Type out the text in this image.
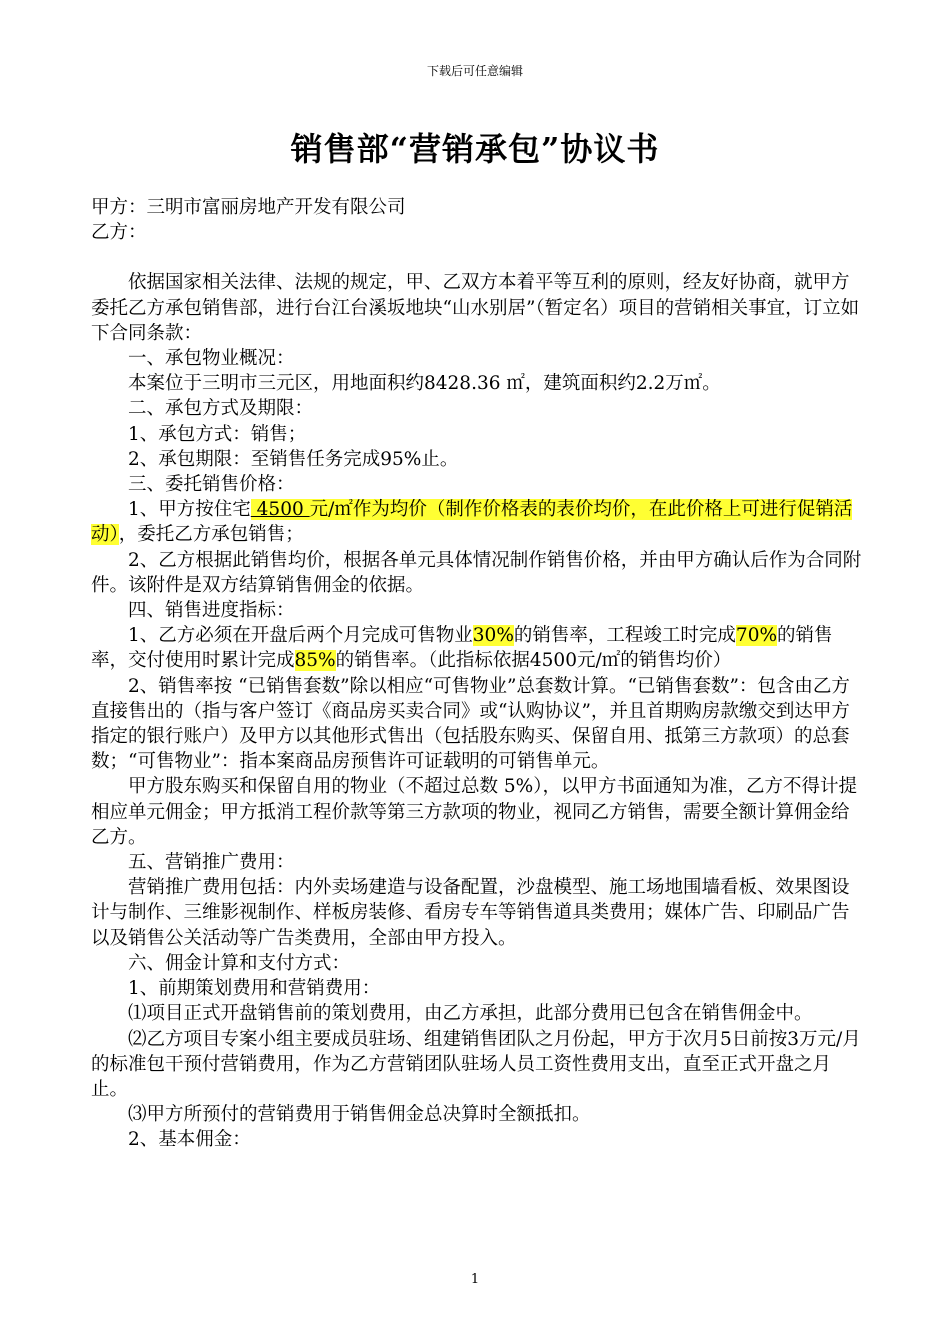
下载后可任意编辑
销售部“营销承包”协议书

甲方：三明市富丽房地产开发有限公司

乙方：

依据国家相关法律、法规的规定，甲、乙双方本着平等互利的原则，经友好协商，就甲方委托乙方承包销售部，进行台江台溪坂地块“山水别居”（暂定名）项目的营销相关事宜，订立如下合同条款：

一、承包物业概况：

本案位于三明市三元区，用地面积约8428.36 ㎡，建筑面积约2.2万㎡。

二、承包方式及期限：

1、承包方式：销售；

2、承包期限：至销售任务完成95%止。

三、委托销售价格：

1、甲方按住宅 4500 元/㎡作为均价（制作价格表的表价均价，在此价格上可进行促销活动），委托乙方承包销售；

2、乙方根据此销售均价，根据各单元具体情况制作销售价格，并由甲方确认后作为合同附件。该附件是双方结算销售佣金的依据。

四、销售进度指标：

1、乙方必须在开盘后两个月完成可售物业30%的销售率，工程竣工时完成70%的销售率，交付使用时累计完成85%的销售率。（此指标依据4500元/㎡的销售均价）

2、销售率按 “已销售套数”除以相应“可售物业”总套数计算。“已销售套数”：包含由乙方直接售出的（指与客户签订《商品房买卖合同》或“认购协议”，并且首期购房款缴交到达甲方指定的银行账户）及甲方以其他形式售出（包括股东购买、保留自用、抵第三方款项）的总套数；“可售物业”：指本案商品房预售许可证载明的可销售单元。

甲方股东购买和保留自用的物业（不超过总数 5%），以甲方书面通知为准，乙方不得计提相应单元佣金；甲方抵消工程价款等第三方款项的物业，视同乙方销售，需要全额计算佣金给乙方。

五、营销推广费用：

营销推广费用包括：内外卖场建造与设备配置，沙盘模型、施工场地围墙看板、效果图设计与制作、三维影视制作、样板房装修、看房专车等销售道具类费用；媒体广告、印刷品广告以及销售公关活动等广告类费用，全部由甲方投入。

六、佣金计算和支付方式：

1、前期策划费用和营销费用：

⑴项目正式开盘销售前的策划费用，由乙方承担，此部分费用已包含在销售佣金中。

⑵乙方项目专案小组主要成员驻场、组建销售团队之月份起，甲方于次月5日前按3万元/月的标准包干预付营销费用，作为乙方营销团队驻场人员工资性费用支出，直至正式开盘之月止。

⑶甲方所预付的营销费用于销售佣金总决算时全额抵扣。

2、基本佣金：

1
